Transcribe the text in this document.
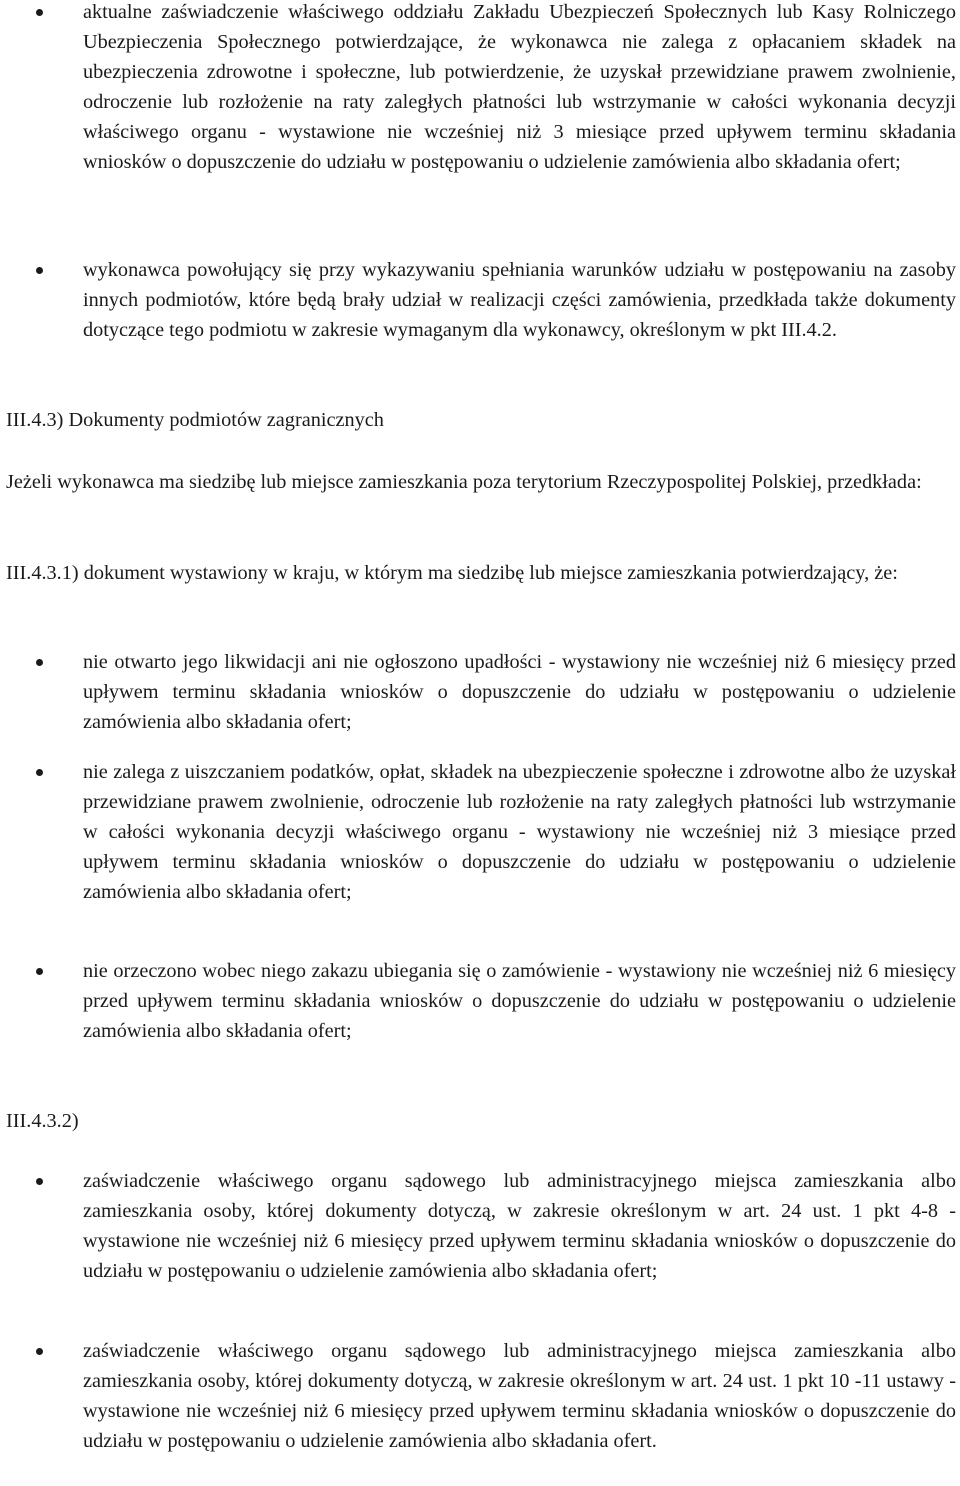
aktualne zaświadczenie właściwego oddziału Zakładu Ubezpieczeń Społecznych lub Kasy Rolniczego Ubezpieczenia Społecznego potwierdzające, że wykonawca nie zalega z opłacaniem składek na ubezpieczenia zdrowotne i społeczne, lub potwierdzenie, że uzyskał przewidziane prawem zwolnienie, odroczenie lub rozłożenie na raty zaległych płatności lub wstrzymanie w całości wykonania decyzji właściwego organu - wystawione nie wcześniej niż 3 miesiące przed upływem terminu składania wniosków o dopuszczenie do udziału w postępowaniu o udzielenie zamówienia albo składania ofert;
wykonawca powołujący się przy wykazywaniu spełniania warunków udziału w postępowaniu na zasoby innych podmiotów, które będą brały udział w realizacji części zamówienia, przedkłada także dokumenty dotyczące tego podmiotu w zakresie wymaganym dla wykonawcy, określonym w pkt III.4.2.
III.4.3) Dokumenty podmiotów zagranicznych
Jeżeli wykonawca ma siedzibę lub miejsce zamieszkania poza terytorium Rzeczypospolitej Polskiej, przedkłada:
III.4.3.1) dokument wystawiony w kraju, w którym ma siedzibę lub miejsce zamieszkania potwierdzający, że:
nie otwarto jego likwidacji ani nie ogłoszono upadłości - wystawiony nie wcześniej niż 6 miesięcy przed upływem terminu składania wniosków o dopuszczenie do udziału w postępowaniu o udzielenie zamówienia albo składania ofert;
nie zalega z uiszczaniem podatków, opłat, składek na ubezpieczenie społeczne i zdrowotne albo że uzyskał przewidziane prawem zwolnienie, odroczenie lub rozłożenie na raty zaległych płatności lub wstrzymanie w całości wykonania decyzji właściwego organu - wystawiony nie wcześniej niż 3 miesiące przed upływem terminu składania wniosków o dopuszczenie do udziału w postępowaniu o udzielenie zamówienia albo składania ofert;
nie orzeczono wobec niego zakazu ubiegania się o zamówienie - wystawiony nie wcześniej niż 6 miesięcy przed upływem terminu składania wniosków o dopuszczenie do udziału w postępowaniu o udzielenie zamówienia albo składania ofert;
III.4.3.2)
zaświadczenie właściwego organu sądowego lub administracyjnego miejsca zamieszkania albo zamieszkania osoby, której dokumenty dotyczą, w zakresie określonym w art. 24 ust. 1 pkt 4-8 - wystawione nie wcześniej niż 6 miesięcy przed upływem terminu składania wniosków o dopuszczenie do udziału w postępowaniu o udzielenie zamówienia albo składania ofert;
zaświadczenie właściwego organu sądowego lub administracyjnego miejsca zamieszkania albo zamieszkania osoby, której dokumenty dotyczą, w zakresie określonym w art. 24 ust. 1 pkt 10 -11 ustawy - wystawione nie wcześniej niż 6 miesięcy przed upływem terminu składania wniosków o dopuszczenie do udziału w postępowaniu o udzielenie zamówienia albo składania ofert.
